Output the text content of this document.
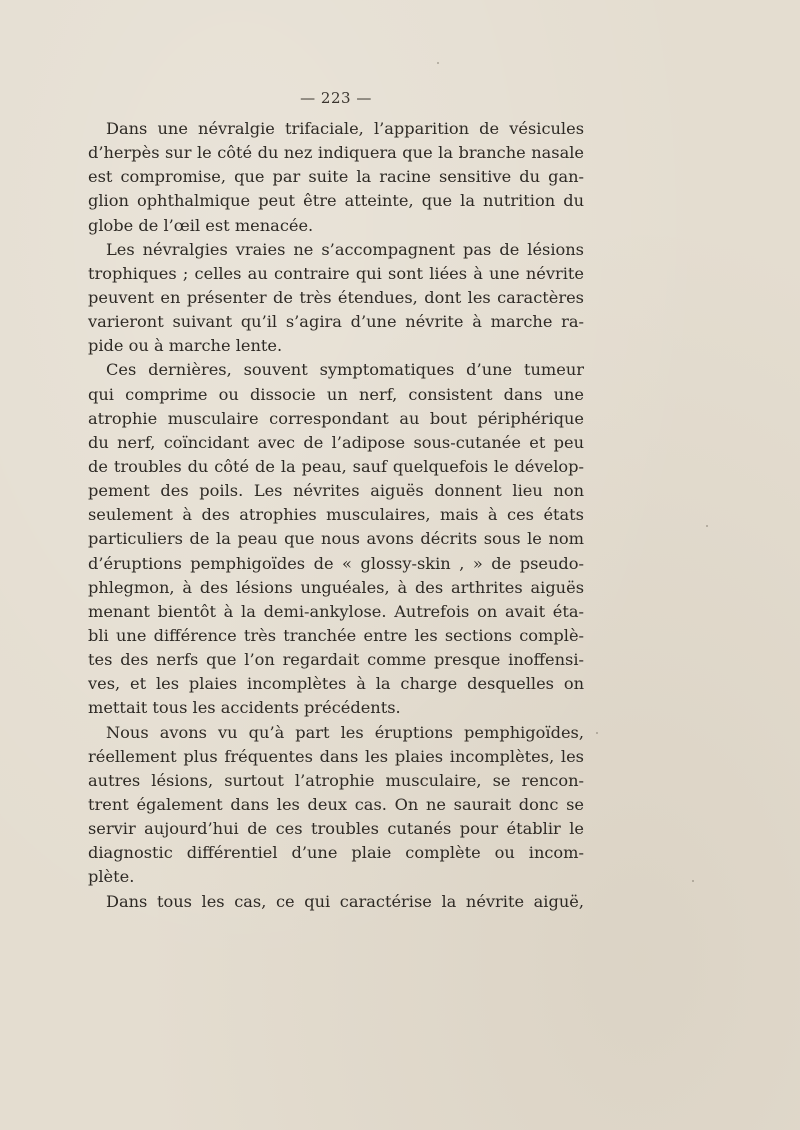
— 223 —
Dans une névralgie trifaciale, l’apparition de vésicules
d’herpès sur le côté du nez indiquera que la branche nasale
est compromise, que par suite la racine sensitive du gan-
glion ophthalmique peut être atteinte, que la nutrition du
globe de l’œil est menacée.
Les névralgies vraies ne s’accompagnent pas de lésions
trophiques ; celles au contraire qui sont liées à une névrite
peuvent en présenter de très étendues, dont les caractères
varieront suivant qu’il s’agira d’une névrite à marche ra-
pide ou à marche lente.
Ces dernières, souvent symptomatiques d’une tumeur
qui comprime ou dissocie un nerf, consistent dans une
atrophie musculaire correspondant au bout périphérique
du nerf, coïncidant avec de l’adipose sous-cutanée et peu
de troubles du côté de la peau, sauf quelquefois le dévelop-
pement des poils. Les névrites aiguës donnent lieu non
seulement à des atrophies musculaires, mais à ces états
particuliers de la peau que nous avons décrits sous le nom
d’éruptions pemphigoïdes de « glossy-skin , » de pseudo-
phlegmon, à des lésions unguéales, à des arthrites aiguës
menant bientôt à la demi-ankylose. Autrefois on avait éta-
bli une différence très tranchée entre les sections complè-
tes des nerfs que l’on regardait comme presque inoffensi-
ves, et les plaies incomplètes à la charge desquelles on
mettait tous les accidents précédents.
Nous avons vu qu’à part les éruptions pemphigoïdes,
réellement plus fréquentes dans les plaies incomplètes, les
autres lésions, surtout l’atrophie musculaire, se rencon-
trent également dans les deux cas. On ne saurait donc se
servir aujourd’hui de ces troubles cutanés pour établir le
diagnostic différentiel d’une plaie complète ou incom-
plète.
Dans tous les cas, ce qui caractérise la névrite aiguë,
